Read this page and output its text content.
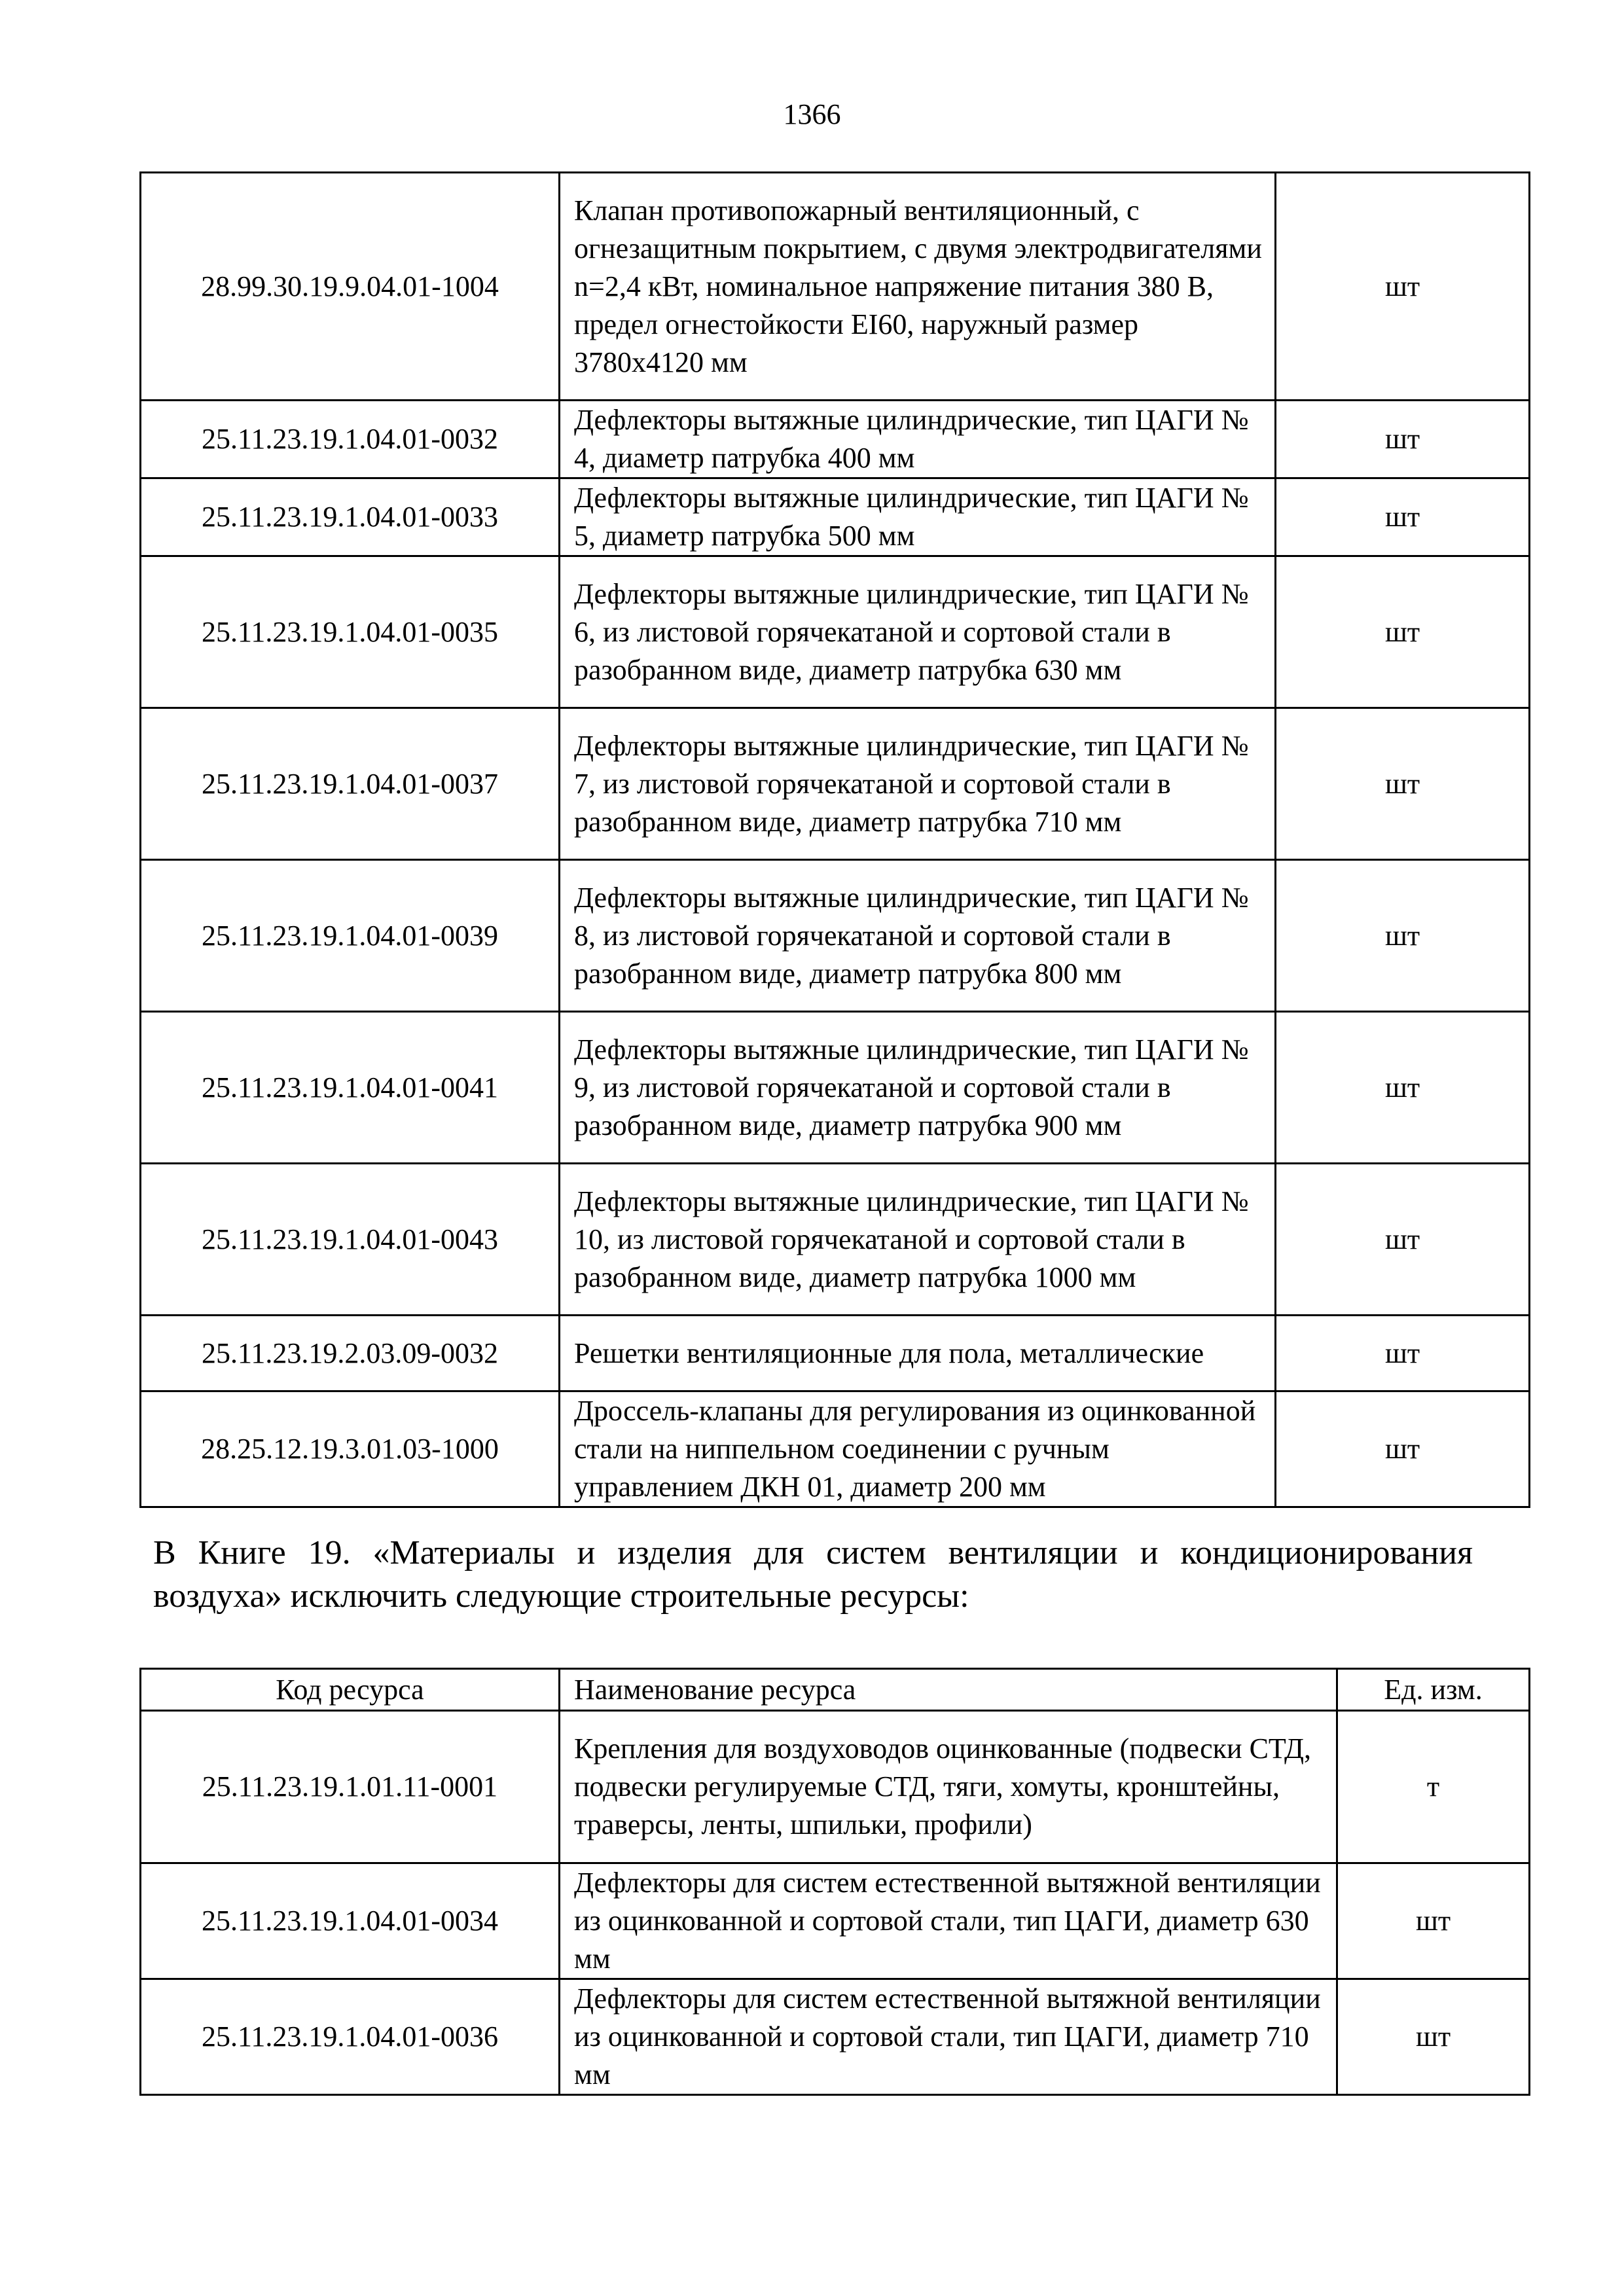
1366
28.99.30.19.9.04.01-1004	Клапан противопожарный вентиляционный, с огнезащитным покрытием, с двумя электродвигателями n=2,4 кВт, номинальное напряжение питания 380 В, предел огнестойкости EI60, наружный размер 3780х4120 мм	шт
25.11.23.19.1.04.01-0032	Дефлекторы вытяжные цилиндрические, тип ЦАГИ № 4, диаметр патрубка 400 мм	шт
25.11.23.19.1.04.01-0033	Дефлекторы вытяжные цилиндрические, тип ЦАГИ № 5, диаметр патрубка 500 мм	шт
25.11.23.19.1.04.01-0035	Дефлекторы вытяжные цилиндрические, тип ЦАГИ № 6, из листовой горячекатаной и сортовой стали в разобранном виде, диаметр патрубка 630 мм	шт
25.11.23.19.1.04.01-0037	Дефлекторы вытяжные цилиндрические, тип ЦАГИ № 7, из листовой горячекатаной и сортовой стали в разобранном виде, диаметр патрубка 710 мм	шт
25.11.23.19.1.04.01-0039	Дефлекторы вытяжные цилиндрические, тип ЦАГИ № 8, из листовой горячекатаной и сортовой стали в разобранном виде, диаметр патрубка 800 мм	шт
25.11.23.19.1.04.01-0041	Дефлекторы вытяжные цилиндрические, тип ЦАГИ № 9, из листовой горячекатаной и сортовой стали в разобранном виде, диаметр патрубка 900 мм	шт
25.11.23.19.1.04.01-0043	Дефлекторы вытяжные цилиндрические, тип ЦАГИ № 10, из листовой горячекатаной и сортовой стали в разобранном виде, диаметр патрубка 1000 мм	шт
25.11.23.19.2.03.09-0032	Решетки вентиляционные для пола, металлические	шт
28.25.12.19.3.01.03-1000	Дроссель-клапаны для регулирования из оцинкованной стали на ниппельном соединении с ручным управлением ДКН 01, диаметр 200 мм	шт
В Книге 19. «Материалы и изделия для систем вентиляции и кондиционирования воздуха» исключить следующие строительные ресурсы:
Код ресурса	Наименование ресурса	Ед. изм.
25.11.23.19.1.01.11-0001	Крепления для воздуховодов оцинкованные (подвески СТД, подвески регулируемые СТД, тяги, хомуты, кронштейны, траверсы, ленты, шпильки, профили)	т
25.11.23.19.1.04.01-0034	Дефлекторы для систем естественной вытяжной вентиляции из оцинкованной и сортовой стали, тип ЦАГИ, диаметр 630 мм	шт
25.11.23.19.1.04.01-0036	Дефлекторы для систем естественной вытяжной вентиляции из оцинкованной и сортовой стали, тип ЦАГИ, диаметр 710 мм	шт
